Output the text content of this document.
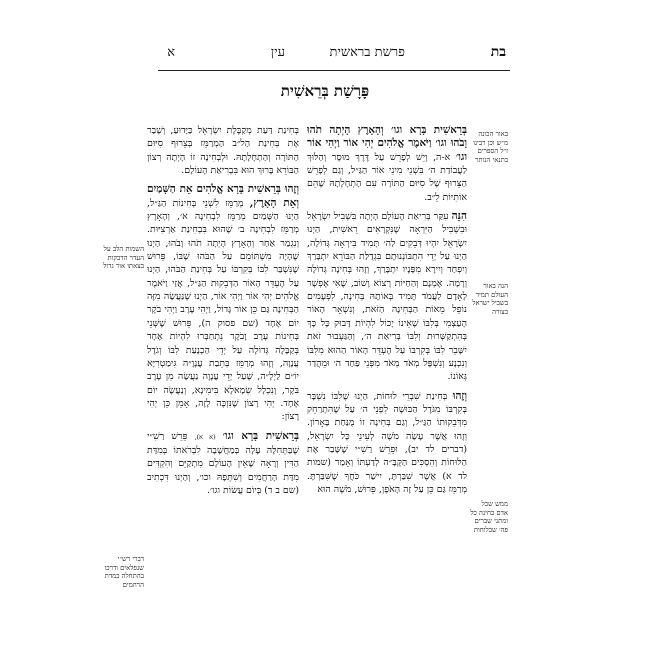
בת
פרשת בראשית
עין
א
פָּרָשַׁת בְּרֵאשִׁית
באור הכונה מ״ש וכן רבינו ז״ל הספרים בתנאי הנותר
הנה באור העולם תמיד בשביל ישראל בצורה
ממש שכל אדם בחינה כל ומתני שברים פה׳ שבלוחות

בְּרֵאשִׁית בָּרָא וגו׳ וְהָאָרֶץ הָיְתָה תֹהוּ וָבֹהוּ וגו׳ וַיֹּאמֶר אֱלֹהִים יְהִי אוֹר וַיְהִי אוֹר וגו׳ א-ה, וְיֵשׁ לְפָרֵשׁ עַל דֶּרֶךְ מוּסָר וְהַלּוּךְ לַעֲבוֹדַת ה׳ בִּשְׁנֵי מִינֵי אוֹר הַגַּ״ל, וְגַם לְפָרֵשׁ הַצֵּרוּף שֶׁל סִיּוּם הַתּוֹרָה עִם הַתְחָלָתָהּ שֶׁהֵם אוֹתִיּוֹת לֵ״ב.

הִנֵּה עִקַּר בְּרִיאַת הָעוֹלָם הָיְתָה בִּשְׁבִיל יִשְׂרָאֵל וּבִשְׁבִיל הַיִּרְאָה שֶׁנִּקְרָאִים רֵאשִׁית, הַיְנוּ יִשְׂרָאֵל יִהְיוּ דְּבֵקִים לַה׳ תָּמִיד בִּירְאָה גְּדוֹלָה, הַיְנוּ עַל יְדֵי הִתְבּוֹנְנוּתָם בִּגְדֻלַּת הַבּוֹרֵא יִתְבָּרַךְ וְיִפְחַד וְיִירָא מִפָּנָיו יִתְבָּרַךְ, וְזֶהוּ בְּחִינָה גְּדוֹלָה וְרָמָה. אֶמְנָם וְהַחַיּוֹת רָצוֹא וָשׁוֹב, שֶׁאִי אֶפְשָׁר לָאָדָם לַעֲמֹד תָּמִיד בְּאוֹתָהּ בְּחִינָה, לִפְעָמִים נוֹפֵל מֵאוֹת הַבְּחִינָה הַזֹּאת, וְנִשְׁאָר הָאוֹר הָעַצְמִי בְּלִבּוֹ שֶׁאֵינוֹ יָכוֹל לִהְיוֹת דָּבוּק כָּל כָּךְ בְּהִתְקַשְּׁרוּת וְלִבּוֹ בְּרִיאַת ה׳, וְהַגַּעְבוּר זֹאת יִשָּׁבֵר לִבּוֹ בְּקִרְבּוֹ עַל הֶעְדֵּר הָאוֹר הַהוּא מִלִּבּוֹ וְנִכְנָע וְנִשְׁפָּל מְאֹד מְאֹד מִפְּנֵי פַּחַד ה׳ וּמֵהֲדַר גְּאוֹנוֹ.

וְזֶהוּ בְּחִינַת שִׁבְרֵי לוּחוֹת, הַיְנוּ שֶׁלִּבּוֹ נִשְׁבָּר בְּקִרְבּוֹ מִגֹּדֶל הַבּוּשָׁה לִפְנֵי ה׳ עַל שֶׁהִתְרַחֵק מִדְּבֵקוּתוֹ הַגַּ״ל, וְגַם בְּחִינָה זוֹ מֻנַּחַת בָּאָרוֹן. וְזֶהוּ אֲשֶׁר עָשָׂה מֹשֶׁה לְעֵינֵי כָּל יִשְׂרָאֵל, (דברים לד יב), וּפֵרֵשׁ רַשִׁ״י שֶׁשָּׁבַר אֶת הַלּוּחוֹת וְהִסְכִּים הַקָּבָּ״ה לְדַעְתּוֹ וְאָמַר (שמות לד א) אֲשֶׁר שִׁבַּרְתָּ, יִישַׁר כֹּחֲךָ שֶׁשִּׁבַּרְתָּ. מְרַמֵּז גַּם כֵּן עַל זֶה הָאֹפֶן, פֵּרוּשׁ, מֹשֶׁה הוּא

השמות הלב על העדר הדבקות בצאתו אור גדול
דברי רש״י שנפלאים ודרכו בהתחלה במדת הרחמים

בְּחִינַת דַּעַת מְקַבֶּלֶת יִשְׂרָאֵל כַּיָּדוּעַ, וְשָׁבַר אֶת בְּחִינַת הַל״ב הַמְרַמֵּז בְּצֵרוּף סִיּוּם הַתּוֹרָה וְהַתְחָלָתָהּ. וּלְבְחִינָה זוֹ הָיְתָה רְצוֹן הַבּוֹרֵא בָּרוּךְ הוּא בִּבְרִיאַת הָעוֹלָם.

וְזֶהוּ בְּרֵאשִׁית בָּרָא אֱלֹהִים אֵת הַשָּׁמַיִם וְאֵת הָאָרֶץ, מְרַמֵּז לִשְׁנֵי בְּחִינוֹת הַגַּ״ל, הַיְנוּ הַשָּׁמַיִם מְרַמֵּז לִבְחִינָה א׳, וְהָאָרֶץ מְרַמֵּז לִבְחִינָה ב׳ שֶׁהוּא בִּבְחִינַת אַרְצִיּוּת. וְנִגְמַר אַחַר וְהָאָרֶץ הָיְתָה תֹהוּ וָבֹהוּ, הַיְנוּ שֶׁהָיָה מִשְׁתּוֹמֵם עַל הַבֹּהוּ שֶׁבּוֹ, פֵּרוּשׁ שֶׁנִּשְׁבַּר לִבּוֹ בְּקִרְבּוֹ עַל בְּחִינַת הַבֹּהוּ, הַיְנוּ עַל הֶעְדֵּר הָאוֹר הַדְּבֵקוּת הַגַּ״ל, אֲזַי וַיֹּאמֶר אֱלֹהִים יְהִי אוֹר וַיְהִי אוֹר, הַיְנוּ שֶׁנַּעֲשָׂה מִזֶּה הַבְּחִינָה גַּם כֵּן אוֹר גָּדוֹל, וַיְהִי עֶרֶב וַיְהִי בֹקֶר יוֹם אֶחָד (שם פסוק ה), פֵּרוּשׁ שֶׁשְּׁנֵי בְּחִינוֹת עֶרֶב וָבֹקֶר נִתְחַבְּרוּ לִהְיוֹת אֶחָד בְּקַבָּלָה גְּדוֹלָה עַל יְדֵי הַכְנָעַת לִבּוֹ וְגֹדֶל עֲנָוָה, וְזֶהוּ מְרַמֵּז בְּתֵבַת עֲנָוָ״ה גִּימַטְרִיָּא יוֹ״ם לַיְלָ״ה, שֶׁעַל יְדֵי עֲנָוָה נַעֲשָׂה מִן עֶרֶב בֹּקֶר, וְנִכְלָל שְׂמָאלָא בִּימִינָא, וְנַעֲשֶׂה יוֹם אֶחָד. יְהִי רָצוֹן שֶׁנִּזְכֶּה לָזֶה, אָמֵן כֵּן יְהִי רָצוֹן:

בְּרֵאשִׁית בָּרָא וגו׳ (א א), פֵּרֵשׁ רַשִׁ״י שֶׁבַּתְּחִלָּה עָלָה בְּמַחֲשָׁבָה לִבְרֹאתוֹ בְּמִדַּת הַדִּין וְרָאָה שֶׁאֵין הָעוֹלָם מִתְקַיֵּם וְהִקְדִּים מִדַּת הָרַחֲמִים וְשִׁתְּפָהּ וכו׳, וְהַיְנוּ דִּכְתִיב (שם ב ד) בְּיוֹם עֲשׂוֹת וגו׳.
